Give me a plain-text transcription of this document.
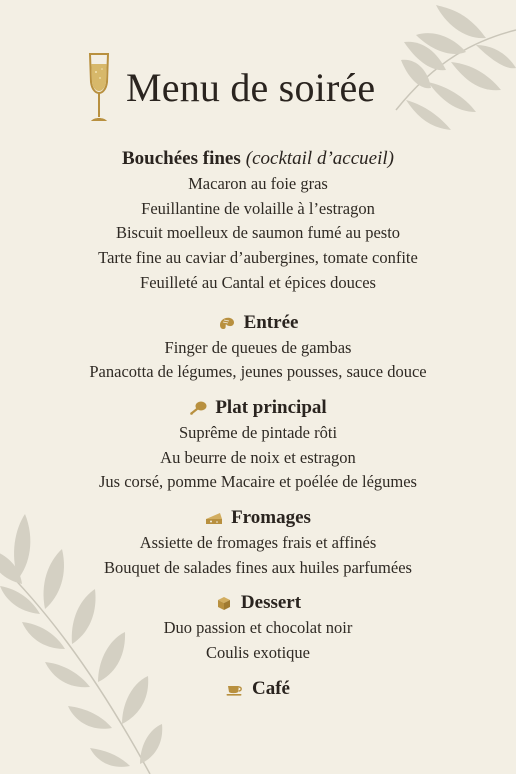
Menu de soirée
Bouchées fines (cocktail d’accueil)
Macaron au foie gras
Feuillantine de volaille à l’estragon
Biscuit moelleux de saumon fumé au pesto
Tarte fine au caviar d’aubergines, tomate confite
Feuilleté au Cantal et épices douces
Entrée
Finger de queues de gambas
Panacotta de légumes, jeunes pousses, sauce douce
Plat principal
Suprême de pintade rôti
Au beurre de noix et estragon
Jus corsé, pomme Macaire et poélée de légumes
Fromages
Assiette de fromages frais et affinés
Bouquet de salades fines aux huiles parfumées
Dessert
Duo passion et chocolat noir
Coulis exotique
Café
